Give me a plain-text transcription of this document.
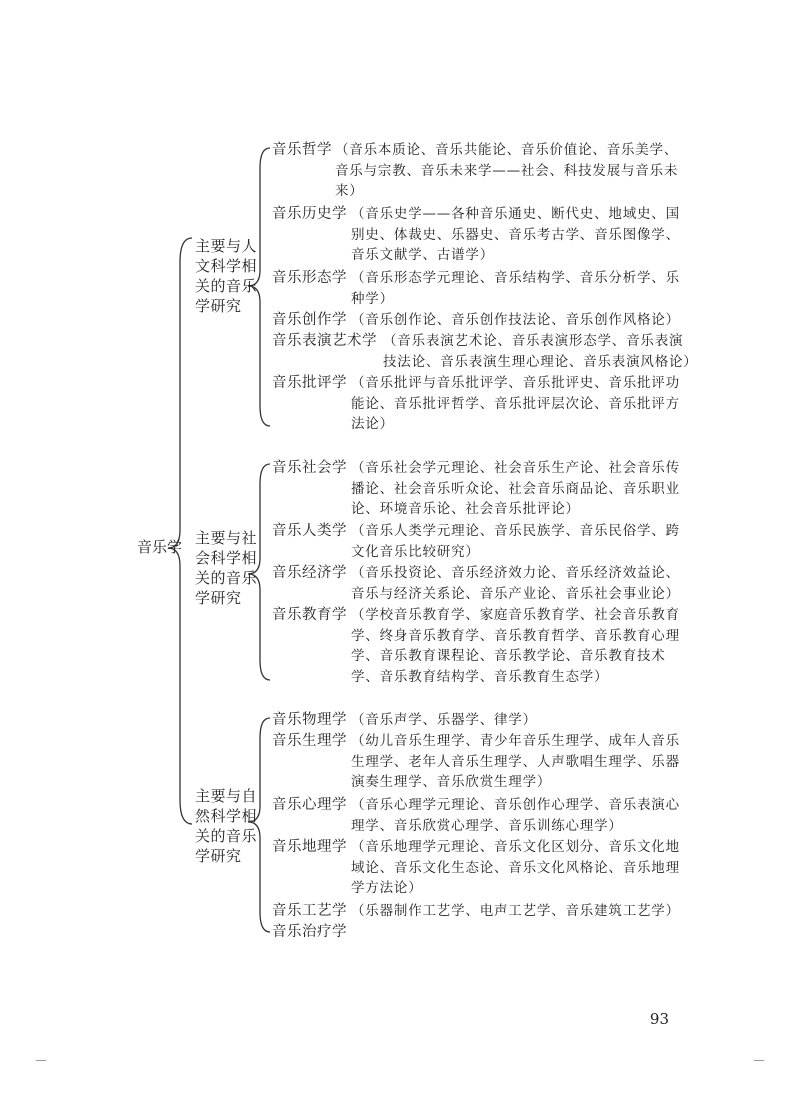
音乐学
主要与人文科学相关的音乐学研究
主要与社会科学相关的音乐学研究
主要与自然科学相关的音乐学研究
音乐哲学 （音乐本质论、音乐共能论、音乐价值论、音乐美学、音乐与宗教、音乐未来学——社会、科技发展与音乐未来）
音乐历史学 （音乐史学——各种音乐通史、断代史、地域史、国别史、体裁史、乐器史、音乐考古学、音乐图像学、音乐文献学、古谱学）
音乐形态学 （音乐形态学元理论、音乐结构学、音乐分析学、乐种学）
音乐创作学 （音乐创作论、音乐创作技法论、音乐创作风格论）
音乐表演艺术学 （音乐表演艺术论、音乐表演形态学、音乐表演技法论、音乐表演生理心理论、音乐表演风格论）
音乐批评学 （音乐批评与音乐批评学、音乐批评史、音乐批评功能论、音乐批评哲学、音乐批评层次论、音乐批评方法论）
音乐社会学 （音乐社会学元理论、社会音乐生产论、社会音乐传播论、社会音乐听众论、社会音乐商品论、音乐职业论、环境音乐论、社会音乐批评论）
音乐人类学 （音乐人类学元理论、音乐民族学、音乐民俗学、跨文化音乐比较研究）
音乐经济学 （音乐投资论、音乐经济效力论、音乐经济效益论、音乐与经济关系论、音乐产业论、音乐社会事业论）
音乐教育学 （学校音乐教育学、家庭音乐教育学、社会音乐教育学、终身音乐教育学、音乐教育哲学、音乐教育心理学、音乐教育课程论、音乐教学论、音乐教育技术学、音乐教育结构学、音乐教育生态学）
音乐物理学 （音乐声学、乐器学、律学）
音乐生理学 （幼儿音乐生理学、青少年音乐生理学、成年人音乐生理学、老年人音乐生理学、人声歌唱生理学、乐器演奏生理学、音乐欣赏生理学）
音乐心理学 （音乐心理学元理论、音乐创作心理学、音乐表演心理学、音乐欣赏心理学、音乐训练心理学）
音乐地理学 （音乐地理学元理论、音乐文化区划分、音乐文化地域论、音乐文化生态论、音乐文化风格论、音乐地理学方法论）
音乐工艺学 （乐器制作工艺学、电声工艺学、音乐建筑工艺学）
音乐治疗学
93
